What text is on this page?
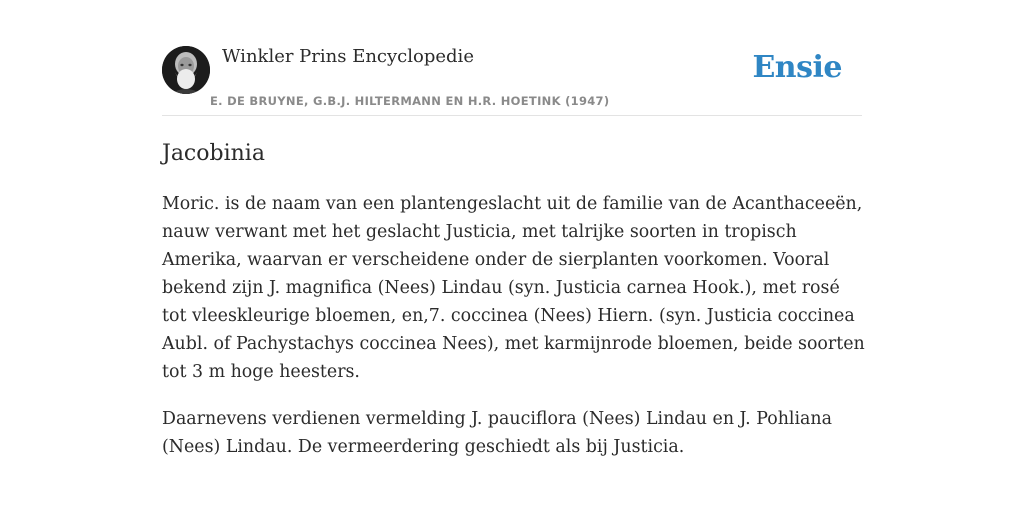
Winkler Prins Encyclopedie
E. DE BRUYNE, G.B.J. HILTERMANN EN H.R. HOETINK (1947)
Ensie
Jacobinia

Moric. is de naam van een plantengeslacht uit de familie van de Acanthaceeën, nauw verwant met het geslacht Justicia, met talrijke soorten in tropisch Amerika, waarvan er verscheidene onder de sierplanten voorkomen. Vooral bekend zijn J. magnifica (Nees) Lindau (syn. Justicia carnea Hook.), met rosé tot vleeskleurige bloemen, en,7. coccinea (Nees) Hiern. (syn. Justicia coccinea Aubl. of Pachystachys coccinea Nees), met karmijnrode bloemen, beide soorten tot 3 m hoge heesters.

Daarnevens verdienen vermelding J. pauciflora (Nees) Lindau en J. Pohliana (Nees) Lindau. De vermeerdering geschiedt als bij Justicia.
